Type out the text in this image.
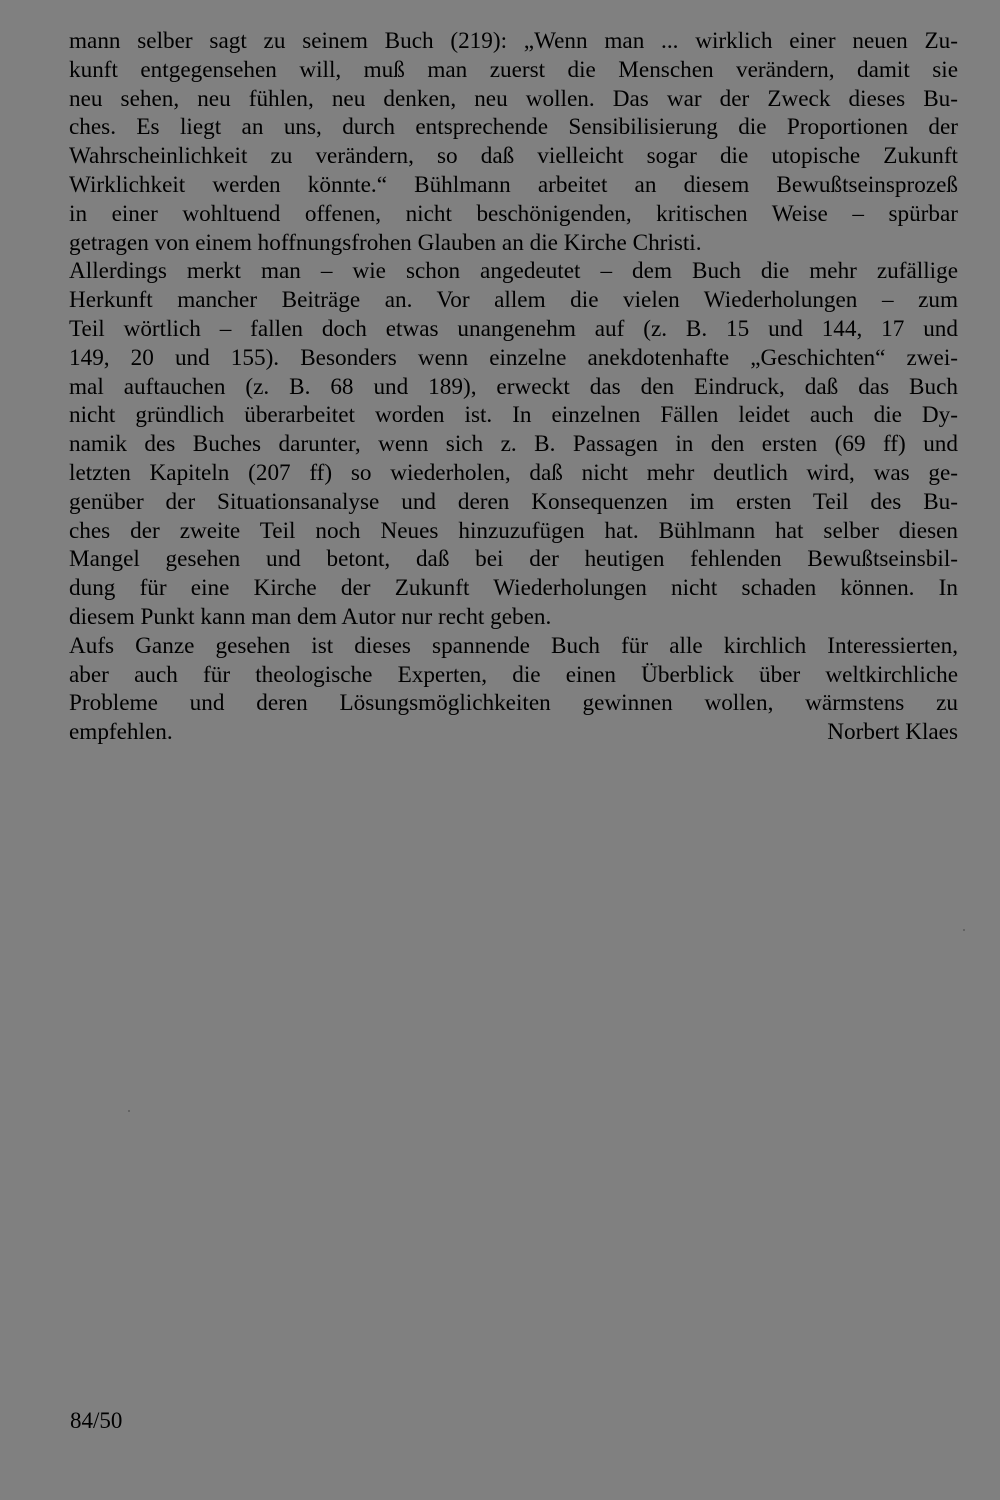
mann selber sagt zu seinem Buch (219): „Wenn man ... wirklich einer neuen Zu-
kunft entgegensehen will, muß man zuerst die Menschen verändern, damit sie
neu sehen, neu fühlen, neu denken, neu wollen. Das war der Zweck dieses Bu-
ches. Es liegt an uns, durch entsprechende Sensibilisierung die Proportionen der
Wahrscheinlichkeit zu verändern, so daß vielleicht sogar die utopische Zukunft
Wirklichkeit werden könnte.“ Bühlmann arbeitet an diesem Bewußtseinsprozeß
in einer wohltuend offenen, nicht beschönigenden, kritischen Weise – spürbar
getragen von einem hoffnungsfrohen Glauben an die Kirche Christi.
Allerdings merkt man – wie schon angedeutet – dem Buch die mehr zufällige
Herkunft mancher Beiträge an. Vor allem die vielen Wiederholungen – zum
Teil wörtlich – fallen doch etwas unangenehm auf (z. B. 15 und 144, 17 und
149, 20 und 155). Besonders wenn einzelne anekdotenhafte „Geschichten“ zwei-
mal auftauchen (z. B. 68 und 189), erweckt das den Eindruck, daß das Buch
nicht gründlich überarbeitet worden ist. In einzelnen Fällen leidet auch die Dy-
namik des Buches darunter, wenn sich z. B. Passagen in den ersten (69 ff) und
letzten Kapiteln (207 ff) so wiederholen, daß nicht mehr deutlich wird, was ge-
genüber der Situationsanalyse und deren Konsequenzen im ersten Teil des Bu-
ches der zweite Teil noch Neues hinzuzufügen hat. Bühlmann hat selber diesen
Mangel gesehen und betont, daß bei der heutigen fehlenden Bewußtseinsbil-
dung für eine Kirche der Zukunft Wiederholungen nicht schaden können. In
diesem Punkt kann man dem Autor nur recht geben.
Aufs Ganze gesehen ist dieses spannende Buch für alle kirchlich Interessierten,
aber auch für theologische Experten, die einen Überblick über weltkirchliche
Probleme und deren Lösungsmöglichkeiten gewinnen wollen, wärmstens zu
empfehlen.	Norbert Klaes
84/50
